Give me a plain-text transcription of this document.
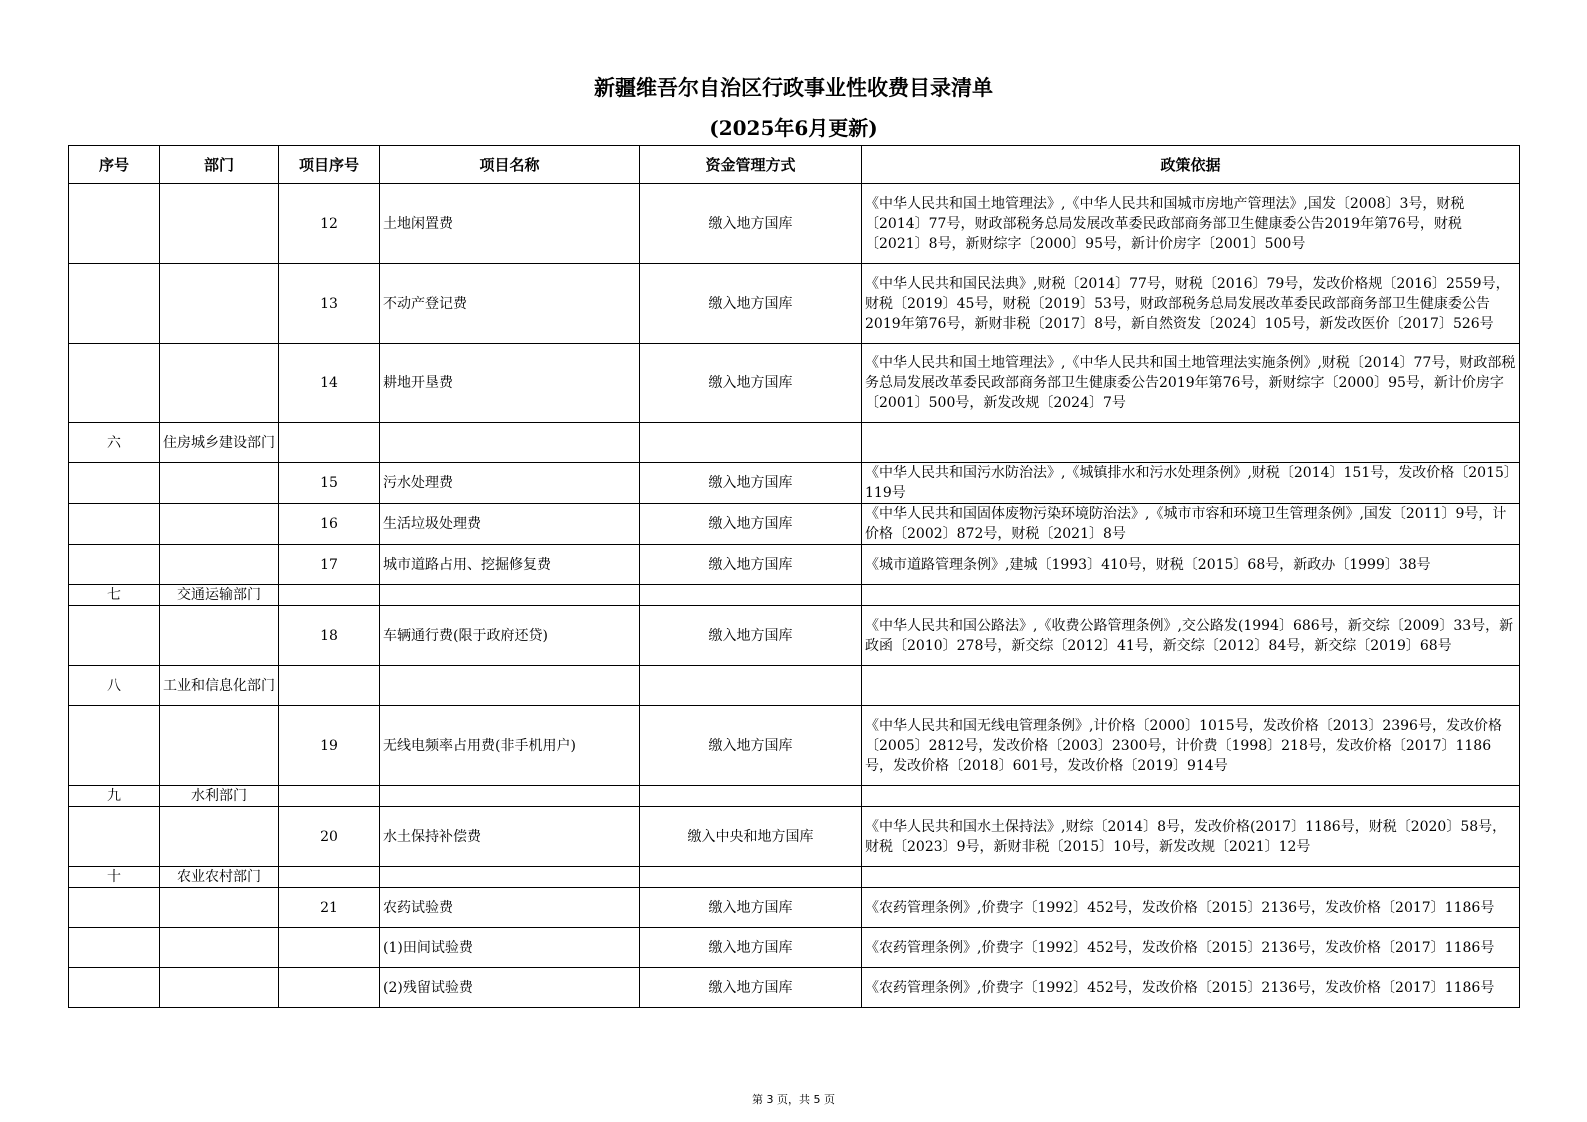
新疆维吾尔自治区行政事业性收费目录清单
(2025年6月更新)
序号	部门	项目序号	项目名称	资金管理方式	政策依据
		12	土地闲置费	缴入地方国库	《中华人民共和国土地管理法》,《中华人民共和国城市房地产管理法》,国发〔2008〕3号，财税〔2014〕77号，财政部税务总局发展改革委民政部商务部卫生健康委公告2019年第76号，财税〔2021〕8号，新财综字〔2000〕95号，新计价房字〔2001〕500号
		13	不动产登记费	缴入地方国库	《中华人民共和国民法典》,财税〔2014〕77号，财税〔2016〕79号，发改价格规〔2016〕2559号，财税〔2019〕45号，财税〔2019〕53号，财政部税务总局发展改革委民政部商务部卫生健康委公告2019年第76号，新财非税〔2017〕8号，新自然资发〔2024〕105号，新发改医价〔2017〕526号
		14	耕地开垦费	缴入地方国库	《中华人民共和国土地管理法》,《中华人民共和国土地管理法实施条例》,财税〔2014〕77号，财政部税务总局发展改革委民政部商务部卫生健康委公告2019年第76号，新财综字〔2000〕95号，新计价房字〔2001〕500号，新发改规〔2024〕7号
六	住房城乡建设部门				
		15	污水处理费	缴入地方国库	《中华人民共和国污水防治法》,《城镇排水和污水处理条例》,财税〔2014〕151号，发改价格〔2015〕119号
		16	生活垃圾处理费	缴入地方国库	《中华人民共和国固体废物污染环境防治法》,《城市市容和环境卫生管理条例》,国发〔2011〕9号，计价格〔2002〕872号，财税〔2021〕8号
		17	城市道路占用、挖掘修复费	缴入地方国库	《城市道路管理条例》,建城〔1993〕410号，财税〔2015〕68号，新政办〔1999〕38号
七	交通运输部门				
		18	车辆通行费(限于政府还贷)	缴入地方国库	《中华人民共和国公路法》,《收费公路管理条例》,交公路发(1994〕686号，新交综〔2009〕33号，新政函〔2010〕278号，新交综〔2012〕41号，新交综〔2012〕84号，新交综〔2019〕68号
八	工业和信息化部门				
		19	无线电频率占用费(非手机用户)	缴入地方国库	《中华人民共和国无线电管理条例》,计价格〔2000〕1015号，发改价格〔2013〕2396号，发改价格〔2005〕2812号，发改价格〔2003〕2300号，计价费〔1998〕218号，发改价格〔2017〕1186号，发改价格〔2018〕601号，发改价格〔2019〕914号
九	水利部门				
		20	水土保持补偿费	缴入中央和地方国库	《中华人民共和国水土保持法》,财综〔2014〕8号，发改价格(2017〕1186号，财税〔2020〕58号，财税〔2023〕9号，新财非税〔2015〕10号，新发改规〔2021〕12号
十	农业农村部门				
		21	农药试验费	缴入地方国库	《农药管理条例》,价费字〔1992〕452号，发改价格〔2015〕2136号，发改价格〔2017〕1186号
			(1)田间试验费	缴入地方国库	《农药管理条例》,价费字〔1992〕452号，发改价格〔2015〕2136号，发改价格〔2017〕1186号
			(2)残留试验费	缴入地方国库	《农药管理条例》,价费字〔1992〕452号，发改价格〔2015〕2136号，发改价格〔2017〕1186号
第 3 页，共 5 页
